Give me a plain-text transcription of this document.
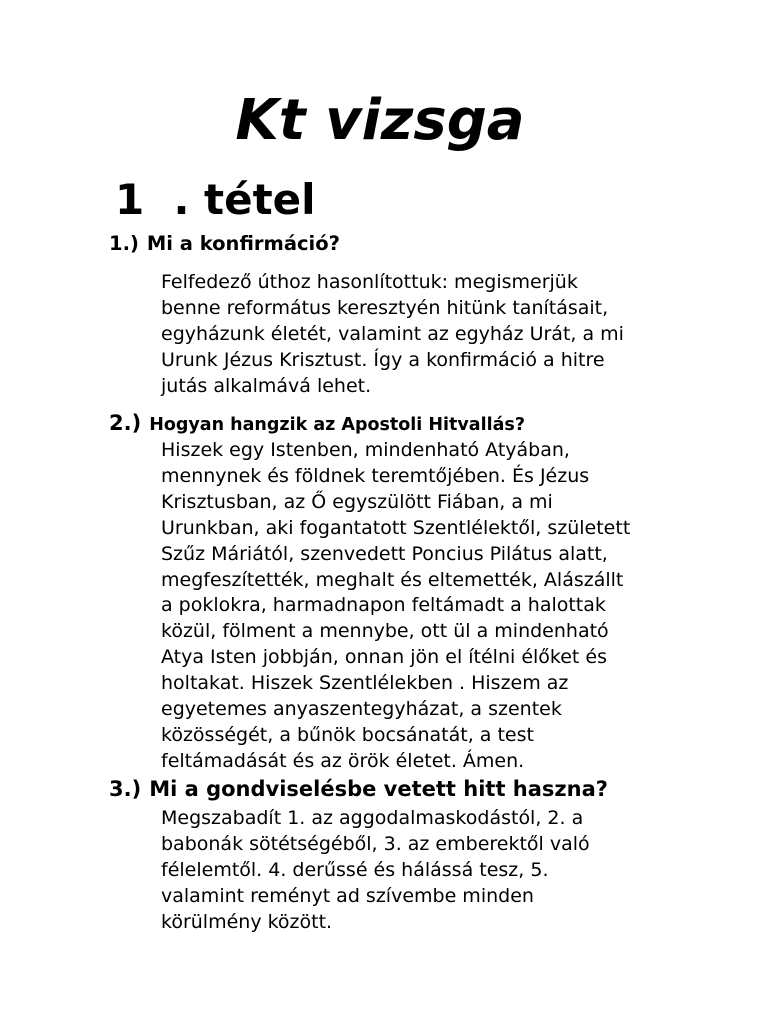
Kt vizsga
1  . tétel

1.) Mi a konfirmáció?

Felfedező úthoz hasonlítottuk: megismerjük
benne református keresztyén hitünk tanításait,
egyházunk életét, valamint az egyház Urát, a mi
Urunk Jézus Krisztust. Így a konfirmáció a hitre
jutás alkalmává lehet.

2.) Hogyan hangzik az Apostoli Hitvallás?

Hiszek egy Istenben, mindenható Atyában,
mennynek és földnek teremtőjében. És Jézus
Krisztusban, az Ő egyszülött Fiában, a mi
Urunkban, aki fogantatott Szentlélektől, született
Szűz Máriától, szenvedett Poncius Pilátus alatt,
megfeszítették, meghalt és eltemették, Alászállt
a poklokra, harmadnapon feltámadt a halottak
közül, fölment a mennybe, ott ül a mindenható
Atya Isten jobbján, onnan jön el ítélni élőket és
holtakat. Hiszek Szentlélekben . Hiszem az
egyetemes anyaszentegyházat, a szentek
közösségét, a bűnök bocsánatát, a test
feltámadását és az örök életet. Ámen.

3.) Mi a gondviselésbe vetett hitt haszna?

Megszabadít 1. az aggodalmaskodástól, 2. a
babonák sötétségéből, 3. az emberektől való
félelemtől. 4. derűssé és hálássá tesz, 5.
valamint reményt ad szívembe minden
körülmény között.
